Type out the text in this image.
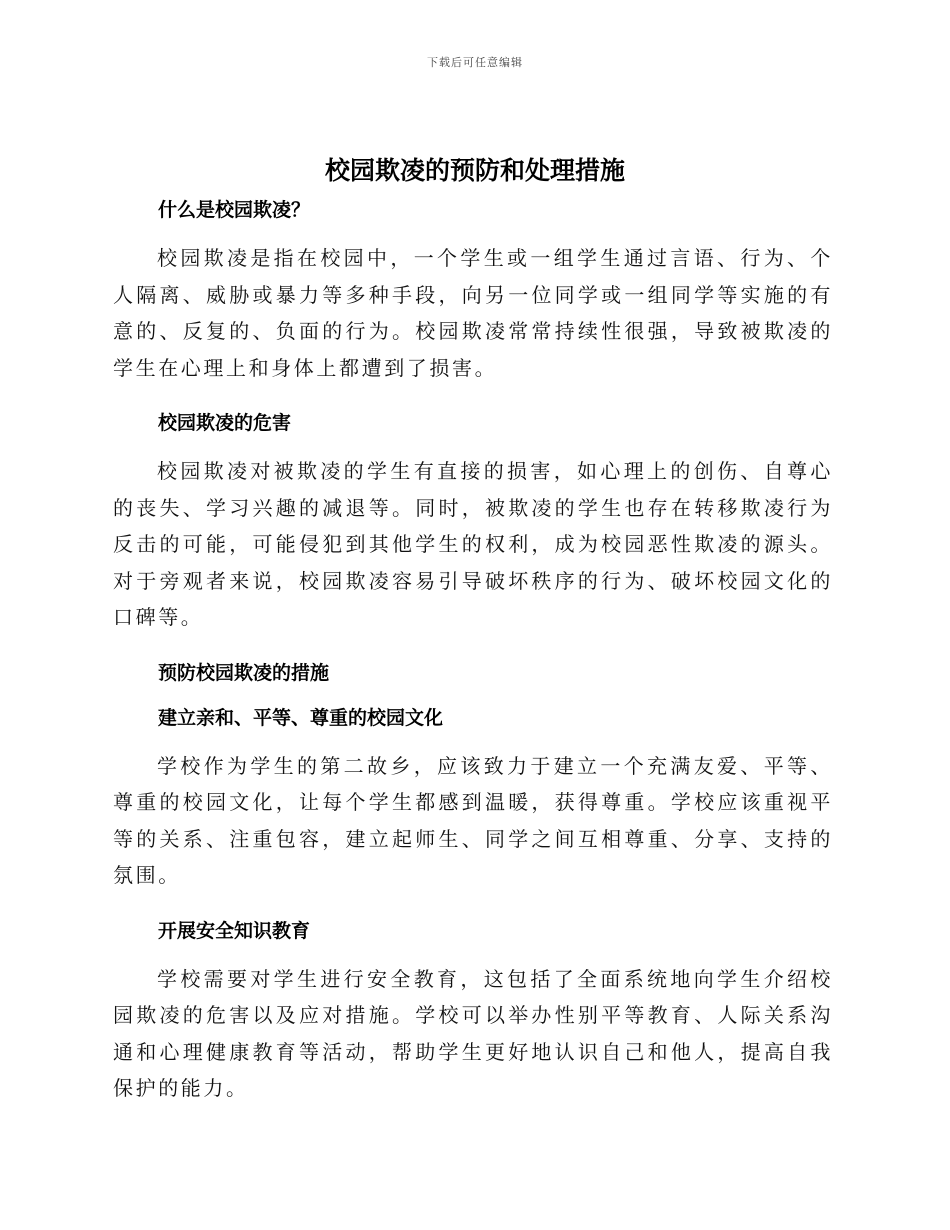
下载后可任意编辑
校园欺凌的预防和处理措施
什么是校园欺凌？

校园欺凌是指在校园中，一个学生或一组学生通过言语、行为、个人隔离、威胁或暴力等多种手段，向另一位同学或一组同学等实施的有意的、反复的、负面的行为。校园欺凌常常持续性很强，导致被欺凌的学生在心理上和身体上都遭到了损害。

校园欺凌的危害

校园欺凌对被欺凌的学生有直接的损害，如心理上的创伤、自尊心的丧失、学习兴趣的减退等。同时，被欺凌的学生也存在转移欺凌行为反击的可能，可能侵犯到其他学生的权利，成为校园恶性欺凌的源头。对于旁观者来说，校园欺凌容易引导破坏秩序的行为、破坏校园文化的口碑等。

预防校园欺凌的措施
建立亲和、平等、尊重的校园文化

学校作为学生的第二故乡，应该致力于建立一个充满友爱、平等、尊重的校园文化，让每个学生都感到温暖，获得尊重。学校应该重视平等的关系、注重包容，建立起师生、同学之间互相尊重、分享、支持的氛围。

开展安全知识教育

学校需要对学生进行安全教育，这包括了全面系统地向学生介绍校园欺凌的危害以及应对措施。学校可以举办性别平等教育、人际关系沟通和心理健康教育等活动，帮助学生更好地认识自己和他人，提高自我保护的能力。
